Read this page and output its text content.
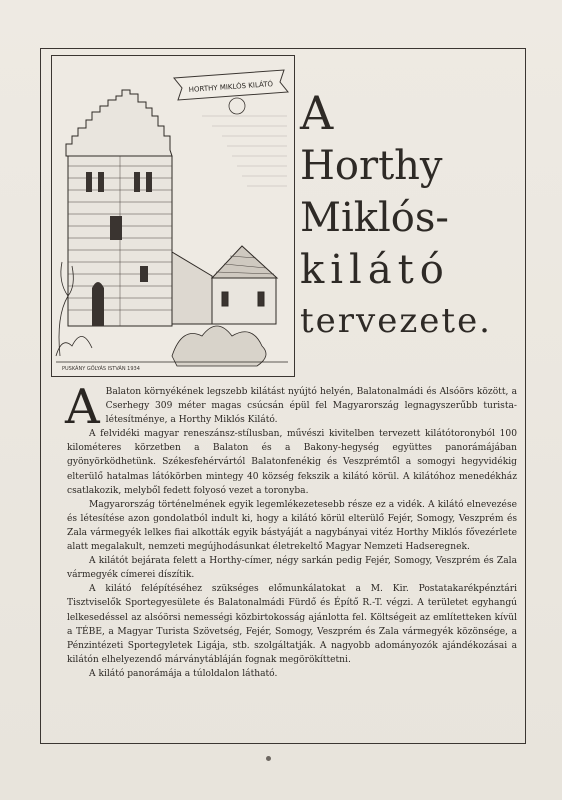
HORTHY MIKLÓS KILÁTÓ
PUSKÁNY GÖLYÁS ISTVÁN 1934
A
Horthy
Miklós-
kilátó
tervezete.

A Balaton környékének legszebb kilátást nyújtó helyén, Balatonalmádi és Alsóörs között, a Cserhegy 309 méter magas csúcsán épül fel Magyarország legnagyszerűbb turista-létesítménye, a Horthy Miklós Kilátó.

A felvidéki magyar reneszánsz-stílusban, művészi kivitelben tervezett kilátótoronyból 100 kilométeres körzetben a Balaton és a Bakony-hegység együttes panorámájában gyönyörködhetünk. Székesfehérvártól Balatonfenékig és Veszprémtől a somogyi hegyvidékig elterülő hatalmas látókörben mintegy 40 község fekszik a kilátó körül. A kilátóhoz menedékház csatlakozik, melyből fedett folyosó vezet a toronyba.

Magyarország történelmének egyik legemlékezetesebb része ez a vidék. A kilátó elnevezése és létesítése azon gondolatból indult ki, hogy a kilátó körül elterülő Fejér, Somogy, Veszprém és Zala vármegyék lelkes fiai alkották egyik bástyáját a nagybányai vitéz Horthy Miklós fővezérlete alatt megalakult, nemzeti megújhodásunkat életrekeltő Magyar Nemzeti Hadseregnek.

A kilátót bejárata felett a Horthy-címer, négy sarkán pedig Fejér, Somogy, Veszprém és Zala vármegyék címerei díszítik.

A kilátó felépítéséhez szükséges előmunkálatokat a M. Kir. Postatakarékpénztári Tisztviselők Sportegyesülete és Balatonalmádi Fürdő és Építő R.-T. végzi. A területet egyhangú lelkesedéssel az alsóörsi nemességi közbirtokosság ajánlotta fel. Költségeit az említetteken kívül a TÉBE, a Magyar Turista Szövetség, Fejér, Somogy, Veszprém és Zala vármegyék közönsége, a Pénzintézeti Sportegyletek Ligája, stb. szolgáltatják. A nagyobb adományozók ajándékozásai a kilátón elhelyezendő márványtábláján fognak megörökíttetni.

A kilátó panorámája a túloldalon látható.
